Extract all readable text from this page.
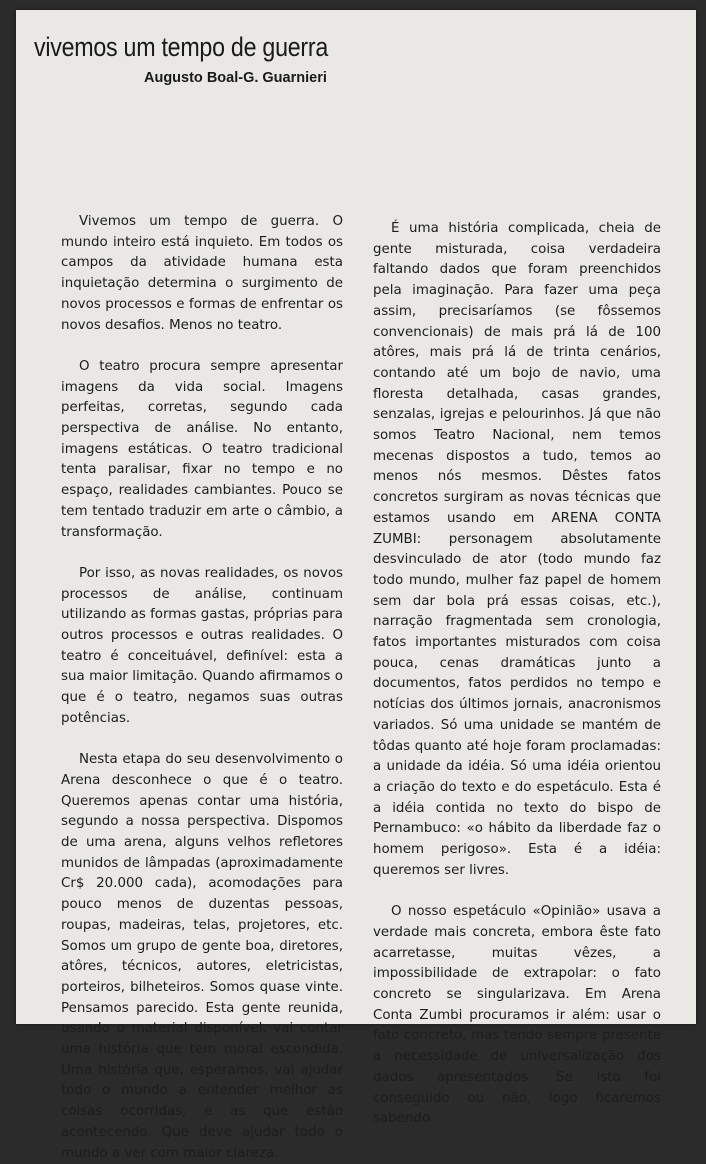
vivemos um tempo de guerra
Augusto Boal-G. Guarnieri

Vivemos um tempo de guerra. O mundo inteiro está inquieto. Em todos os campos da atividade humana esta inquietação determina o surgimento de novos processos e formas de enfrentar os novos desafios. Menos no teatro.

O teatro procura sempre apresentar imagens da vida social. Imagens perfeitas, corretas, segundo cada perspectiva de análise. No entanto, imagens estáticas. O teatro tradicional tenta paralisar, fixar no tempo e no espaço, realidades cambiantes. Pouco se tem tentado traduzir em arte o câmbio, a transformação.

Por isso, as novas realidades, os novos processos de análise, continuam utilizando as formas gastas, próprias para outros processos e outras realidades. O teatro é conceituável, definível: esta a sua maior limitação. Quando afirmamos o que é o teatro, negamos suas outras potências.

Nesta etapa do seu desenvolvimento o Arena desconhece o que é o teatro. Queremos apenas contar uma história, segundo a nossa perspectiva. Dispomos de uma arena, alguns velhos refletores munidos de lâmpadas (aproximadamente Cr$ 20.000 cada), acomodações para pouco menos de duzentas pessoas, roupas, madeiras, telas, projetores, etc. Somos um grupo de gente boa, diretores, atôres, técnicos, autores, eletricistas, porteiros, bilheteiros. Somos quase vinte. Pensamos parecido. Esta gente reunida, usando o material disponível, vai contar uma história que tem moral escondida. Uma história que, esperamos, vai ajudar todo o mundo a entender melhor as coisas ocorridas, e as que estão acontecendo. Que deve ajudar todo o mundo a ver com maior clareza.

É uma história complicada, cheia de gente misturada, coisa verdadeira faltando dados que foram preenchidos pela imaginação. Para fazer uma peça assim, precisaríamos (se fôssemos convencionais) de mais prá lá de 100 atôres, mais prá lá de trinta cenários, contando até um bojo de navio, uma floresta detalhada, casas grandes, senzalas, igrejas e pelourinhos. Já que não somos Teatro Nacional, nem temos mecenas dispostos a tudo, temos ao menos nós mesmos. Dêstes fatos concretos surgiram as novas técnicas que estamos usando em ARENA CONTA ZUMBI: personagem absolutamente desvinculado de ator (todo mundo faz todo mundo, mulher faz papel de homem sem dar bola prá essas coisas, etc.), narração fragmentada sem cronologia, fatos importantes misturados com coisa pouca, cenas dramáticas junto a documentos, fatos perdidos no tempo e notícias dos últimos jornais, anacronismos variados. Só uma unidade se mantém de tôdas quanto até hoje foram proclamadas: a unidade da idéia. Só uma idéia orientou a criação do texto e do espetáculo. Esta é a idéia contida no texto do bispo de Pernambuco: «o hábito da liberdade faz o homem perigoso». Esta é a idéia: queremos ser livres.

O nosso espetáculo «Opinião» usava a verdade mais concreta, embora êste fato acarretasse, muitas vêzes, a impossibilidade de extrapolar: o fato concreto se singularizava. Em Arena Conta Zumbi procuramos ir além: usar o fato concreto, mas tendo sempre presente a necessidade de universalização dos dados apresentados. Se isto foi conseguido ou não, logo ficaremos sabendo.
